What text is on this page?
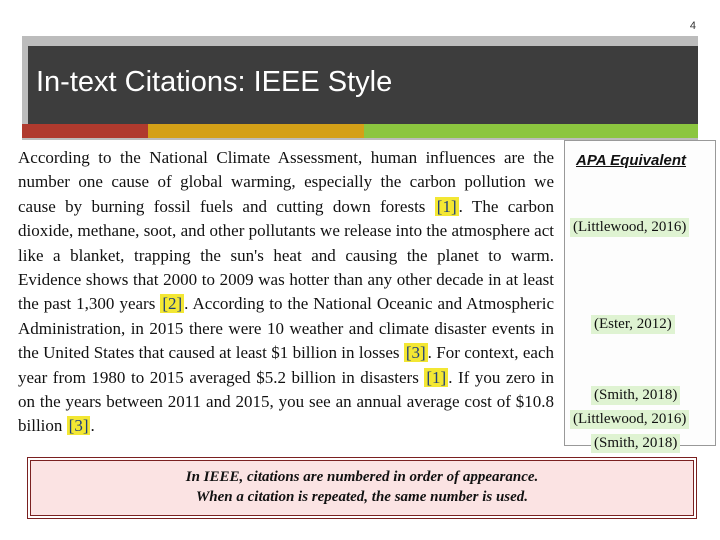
4
In-text Citations: IEEE Style

According to the National Climate Assessment, human influences are the number one cause of global warming, especially the carbon pollution we cause by burning fossil fuels and cutting down forests [1] . The carbon dioxide, methane, soot, and other pollutants we release into the atmosphere act like a blanket, trapping the sun's heat and causing the planet to warm. Evidence shows that 2000 to 2009 was hotter than any other decade in at least the past 1,300 years [2] . According to the National Oceanic and Atmospheric Administration, in 2015 there were 10 weather and climate disaster events in the United States that caused at least $1 billion in losses [3] . For context, each year from 1980 to 2015 averaged $5.2 billion in disasters [1] . If you zero in on the years between 2011 and 2015, you see an annual average cost of $10.8 billion [3] .

APA Equivalent
(Littlewood, 2016)
(Ester, 2012)
(Smith, 2018)
(Littlewood, 2016)
(Smith, 2018)
In IEEE, citations are numbered in order of appearance.
When a citation is repeated, the same number is used.
